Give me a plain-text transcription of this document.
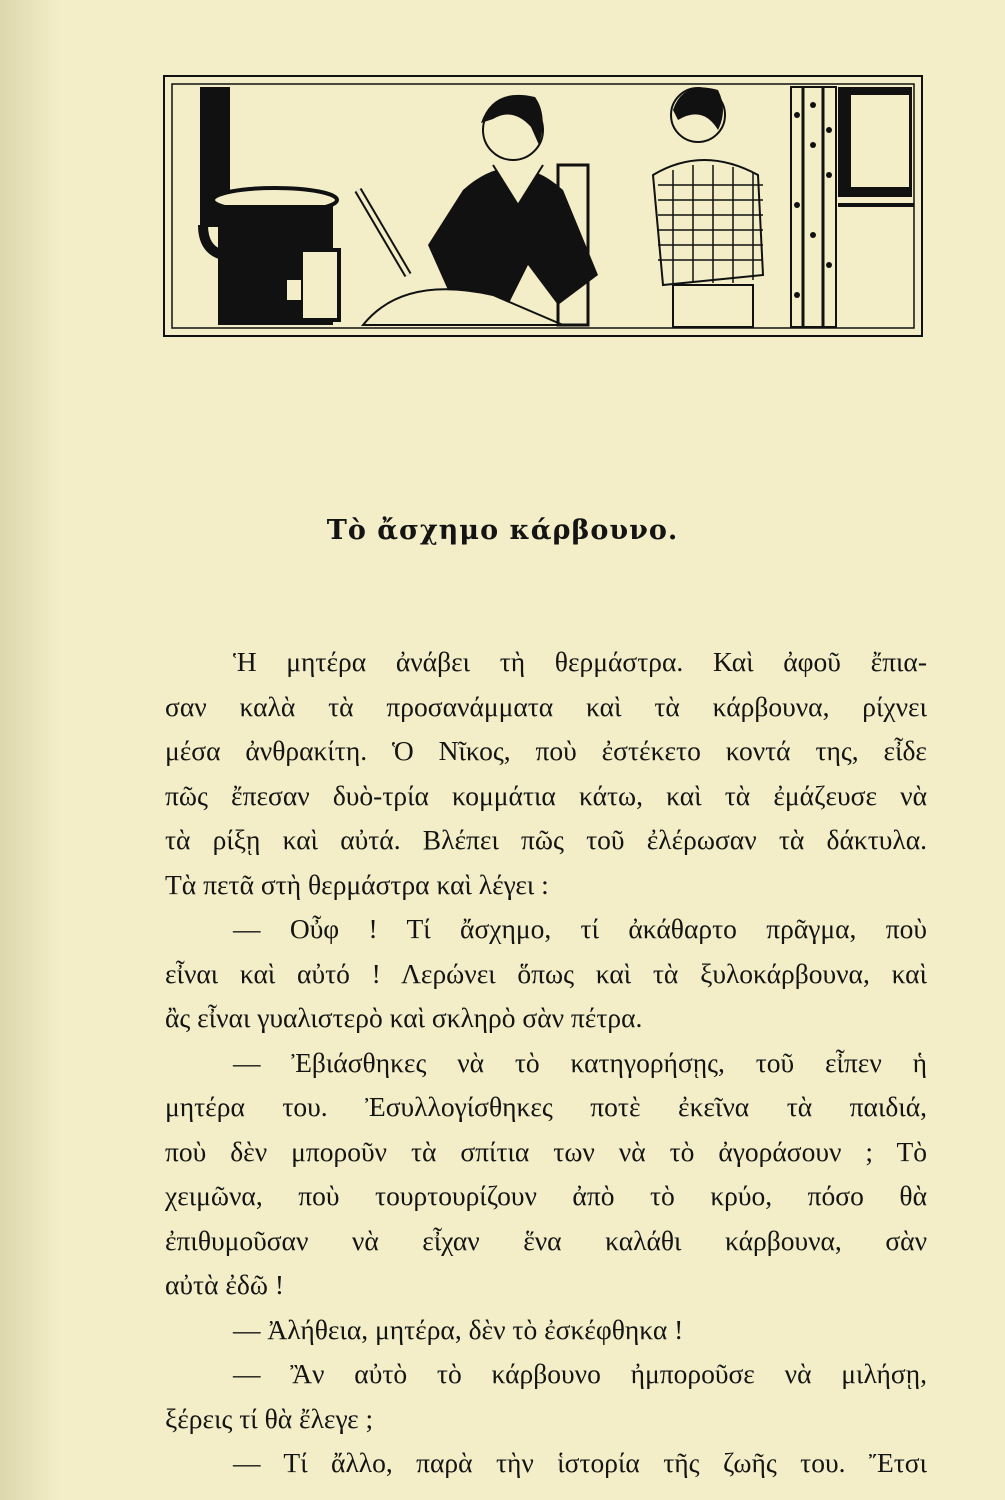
Τὸ ἄσχημο κάρβουνο.
Ἡ μητέρα ἀνάβει τὴ θερμάστρα. Καὶ ἀφοῦ ἔπια-
σαν καλὰ τὰ προσανάμματα καὶ τὰ κάρβουνα, ρίχνει
μέσα ἀνθρακίτη. Ὁ Νῖκος, ποὺ ἐστέκετο κοντά της, εἶδε
πῶς ἔπεσαν δυὸ-τρία κομμάτια κάτω, καὶ τὰ ἐμάζευσε νὰ
τὰ ρίξῃ καὶ αὐτά. Βλέπει πῶς τοῦ ἐλέρωσαν τὰ δάκτυλα.
Τὰ πετᾶ στὴ θερμάστρα καὶ λέγει :
— Οὖφ ! Τί ἄσχημο, τί ἀκάθαρτο πρᾶγμα, ποὺ
εἶναι καὶ αὐτό ! Λερώνει ὅπως καὶ τὰ ξυλοκάρβουνα, καὶ
ἂς εἶναι γυαλιστερὸ καὶ σκληρὸ σὰν πέτρα.
— Ἐβιάσθηκες νὰ τὸ κατηγορήσῃς, τοῦ εἶπεν ἡ
μητέρα του. Ἐσυλλογίσθηκες ποτὲ ἐκεῖνα τὰ παιδιά,
ποὺ δὲν μποροῦν τὰ σπίτια των νὰ τὸ ἀγοράσουν ; Τὸ
χειμῶνα, ποὺ τουρτουρίζουν ἀπὸ τὸ κρύο, πόσο θὰ
ἐπιθυμοῦσαν νὰ εἶχαν ἕνα καλάθι κάρβουνα, σὰν
αὐτὰ ἐδῶ !
— Ἀλήθεια, μητέρα, δὲν τὸ ἐσκέφθηκα !
— Ἂν αὐτὸ τὸ κάρβουνο ἠμποροῦσε νὰ μιλήσῃ,
ξέρεις τί θὰ ἔλεγε ;
— Τί ἄλλο, παρὰ τὴν ἱστορία τῆς ζωῆς του. Ἔτσι
